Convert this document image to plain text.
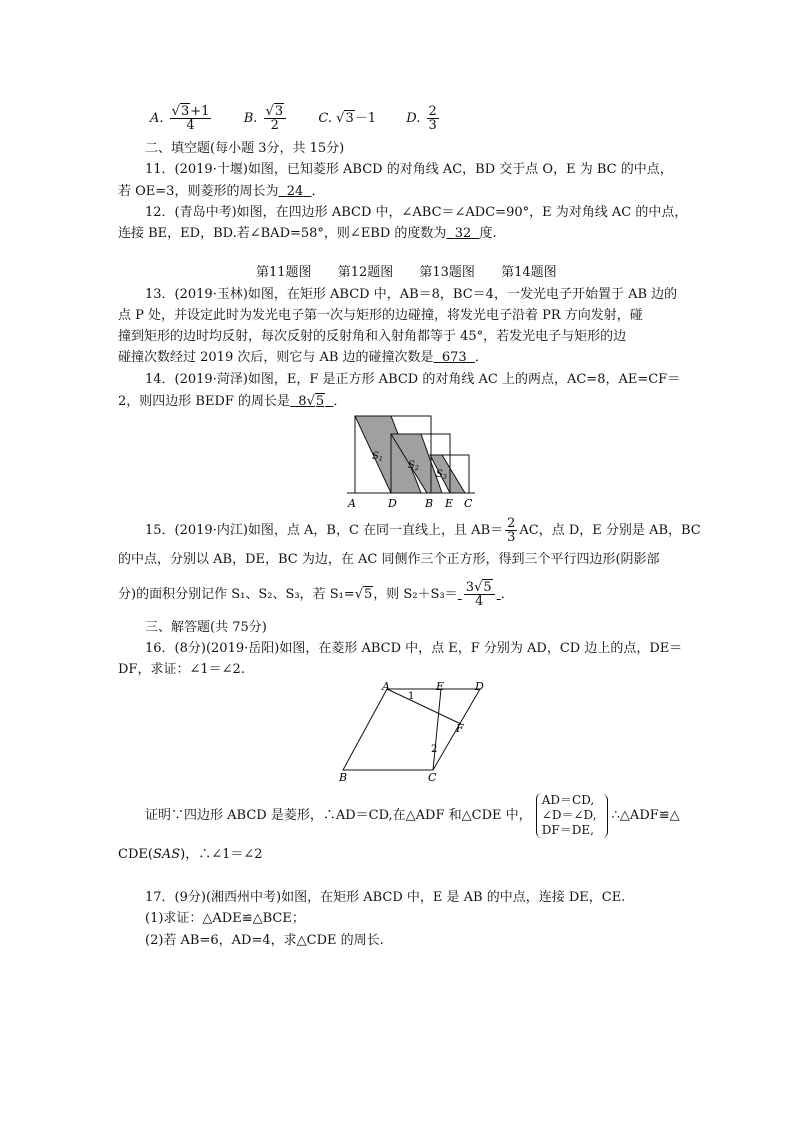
A. $\frac{√3+1}{4} B$. $\frac{√3}{2} C$. √3－1 D. $\frac{2}{3}$
二、填空题(每小题 3分，共 15分)
11．(2019·十堰)如图，已知菱形 ABCD 的对角线 AC，BD 交于点 O，E 为 BC 的中点，
若 OE=3，则菱形的周长为 24 ．
12．(青岛中考)如图，在四边形 ABCD 中，∠ABC＝∠ADC=90°，E 为对角线 AC 的中点，
连接 BE，ED，BD.若∠BAD=58°，则∠EBD 的度数为 32 度.
第11题图 第12题图 第13题图 第14题图
13．(2019·玉林)如图，在矩形 ABCD 中，AB＝8，BC＝4，一发光电子开始置于 AB 边的
点 P 处，并设定此时为发光电子第一次与矩形的边碰撞，将发光电子沿着 PR 方向发射，碰
撞到矩形的边时均反射，每次反射的反射角和入射角都等于 45°，若发光电子与矩形的边
碰撞次数经过 2019 次后，则它与 AB 边的碰撞次数是 673 ．
14．(2019·菏泽)如图，E，F 是正方形 ABCD 的对角线 AC 上的两点，AC=8，AE=CF＝
2，则四边形 BEDF 的周长是 8√5 ．
A	D	B E C
S 1
S 2
S 3
15．(2019·内江)如图，点 A，B，C 在同一直线上，且 $AB= \frac{2}{3}$ AC，点 D，E 分别是 AB，BC
的中点，分别以 AB，DE，BC 为边，在 AC 同侧作三个正方形，得到三个平行四边形(阴影部
分)的面积分别记作 S₁、S₂、S₃，若 S₁=√5，则 $S_2+S_3= \frac{3√5}{4}$ ．
三、解答题(共 75分)
16．(8分)(2019·岳阳)如图，在菱形 ABCD 中，点 E，F 分别为 AD，CD 边上的点，DE＝
DF，求证：∠1＝∠2.
A	E	D
F
B	C
1
2
证明∵四边形 ABCD 是菱形，∴AD＝CD,在△ADF 和△CDE 中，
AD＝CD,
∠D＝∠D,
DF＝DE,
∴△ADF≌△
CDE(SAS)，∴∠1＝∠2
17．(9分)(湘西州中考)如图，在矩形 ABCD 中，E 是 AB 的中点，连接 DE，CE.
(1)求证：△ADE≌△BCE；
(2)若 AB=6，AD=4，求△CDE 的周长.
